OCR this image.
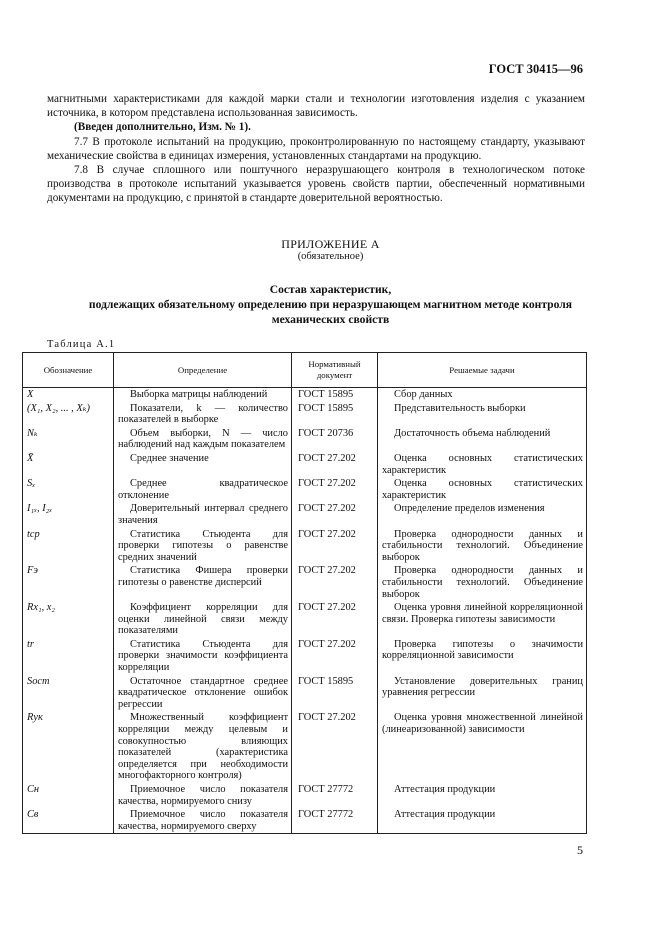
ГОСТ 30415—96

магнитными характеристиками для каждой марки стали и технологии изготовления изделия с указанием источника, в котором представлена использованная зависимость.

(Введен дополнительно, Изм. № 1).

7.7 В протоколе испытаний на продукцию, проконтролированную по настоящему стандарту, указывают механические свойства в единицах измерения, установленных стандартами на продукцию.

7.8 В случае сплошного или поштучного неразрушающего контроля в технологическом потоке производства в протоколе испытаний указывается уровень свойств партии, обеспеченный нормативными документами на продукцию, с принятой в стандарте доверительной вероятностью.

ПРИЛОЖЕНИЕ А
(обязательное)
Состав характеристик,
подлежащих обязательному определению при неразрушающем магнитном методе контроля
механических свойств
Таблица А.1
Обозначение	Определение	Нормативный документ	Решаемые задачи
X	Выборка матрицы наблюдений	ГОСТ 15895	Сбор данных

(X₁, X₂, ... , Xₖ)	Показатели, k — количество показателей в выборке	ГОСТ 15895	Представительность выборки

Nₖ	Объем выборки, N — число наблюдений над каждым показателем	ГОСТ 20736	Достаточность объема наблюдений

X̄	Среднее значение	ГОСТ 27.202	Оценка основных статистических характеристик

Sₓ	Среднее квадратическое отклонение	ГОСТ 27.202	Оценка основных статистических характеристик

I₁ₓ, I₂ₓ	Доверительный интервал среднего значения	ГОСТ 27.202	Определение пределов изменения

tср	Статистика Стьюдента для проверки гипотезы о равенстве средних значений	ГОСТ 27.202	Проверка однородности данных и стабильности технологий. Объединение выборок

Fэ	Статистика Фишера проверки гипотезы о равенстве дисперсий	ГОСТ 27.202	Проверка однородности данных и стабильности технологий. Объединение выборок

Rx₁, x₂	Коэффициент корреляции для оценки линейной связи между показателями	ГОСТ 27.202	Оценка уровня линейной корреляционной связи. Проверка гипотезы зависимости

tr	Статистика Стьюдента для проверки значимости коэффициента корреляции	ГОСТ 27.202	Проверка гипотезы о значимости корреляционной зависимости

Sост	Остаточное стандартное среднее квадратическое отклонение ошибок регрессии	ГОСТ 15895	Установление доверительных границ уравнения регрессии

Rук	Множественный коэффициент корреляции между целевым и совокупностью влияющих показателей (характеристика определяется при необходимости многофакторного контроля)	ГОСТ 27.202	Оценка уровня множественной линейной (линеаризованной) зависимости

Cн	Приемочное число показателя качества, нормируемого снизу	ГОСТ 27772	Аттестация продукции

Cв	Приемочное число показателя качества, нормируемого сверху	ГОСТ 27772	Аттестация продукции
5
